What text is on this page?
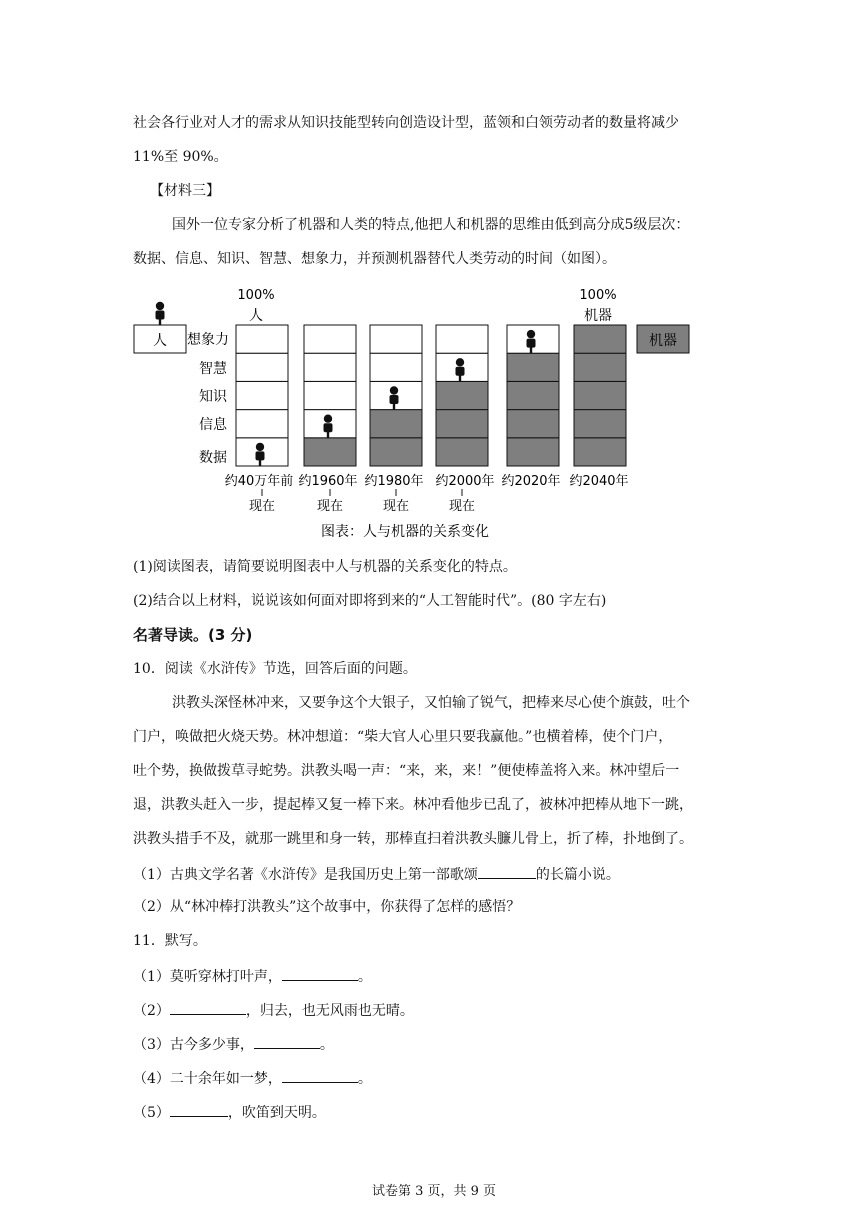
社会各行业对人才的需求从知识技能型转向创造设计型，蓝领和白领劳动者的数量将减少
11%至 90%。
【材料三】
国外一位专家分析了机器和人类的特点,他把人和机器的思维由低到高分成5级层次：
数据、信息、知识、智慧、想象力，并预测机器替代人类劳动的时间（如图）。
人	机器
100%
人
100%
机器
想象力
智慧
知识
信息
数据
图表：人与机器的关系变化
约40万年前
现在
约1960年
现在
约1980年
现在
约2000年
现在
约2020年 约2040年
(1)阅读图表，请简要说明图表中人与机器的关系变化的特点。
(2)结合以上材料，说说该如何面对即将到来的“人工智能时代”。(80 字左右)
名著导读。(3 分)
10．阅读《水浒传》节选，回答后面的问题。
洪教头深怪林冲来，又要争这个大银子，又怕输了锐气，把棒来尽心使个旗鼓，吐个
门户，唤做把火烧天势。林冲想道：“柴大官人心里只要我赢他。”也横着棒，使个门户，
吐个势，换做拨草寻蛇势。洪教头喝一声：“来，来，来！”便使棒盖将入来。林冲望后一
退，洪教头赶入一步，提起棒又复一棒下来。林冲看他步已乱了，被林冲把棒从地下一跳，
洪教头措手不及，就那一跳里和身一转，那棒直扫着洪教头臁儿骨上，折了棒，扑地倒了。
（1）古典文学名著《水浒传》是我国历史上第一部歌颂	的长篇小说。
（2）从“林冲棒打洪教头”这个故事中，你获得了怎样的感悟？
11．默写。
（1）莫听穿林打叶声，	。
（2）	，归去，也无风雨也无晴。
（3）古今多少事，	。
（4）二十余年如一梦，	。
（5）	，吹笛到天明。
试卷第 3 页，共 9 页
